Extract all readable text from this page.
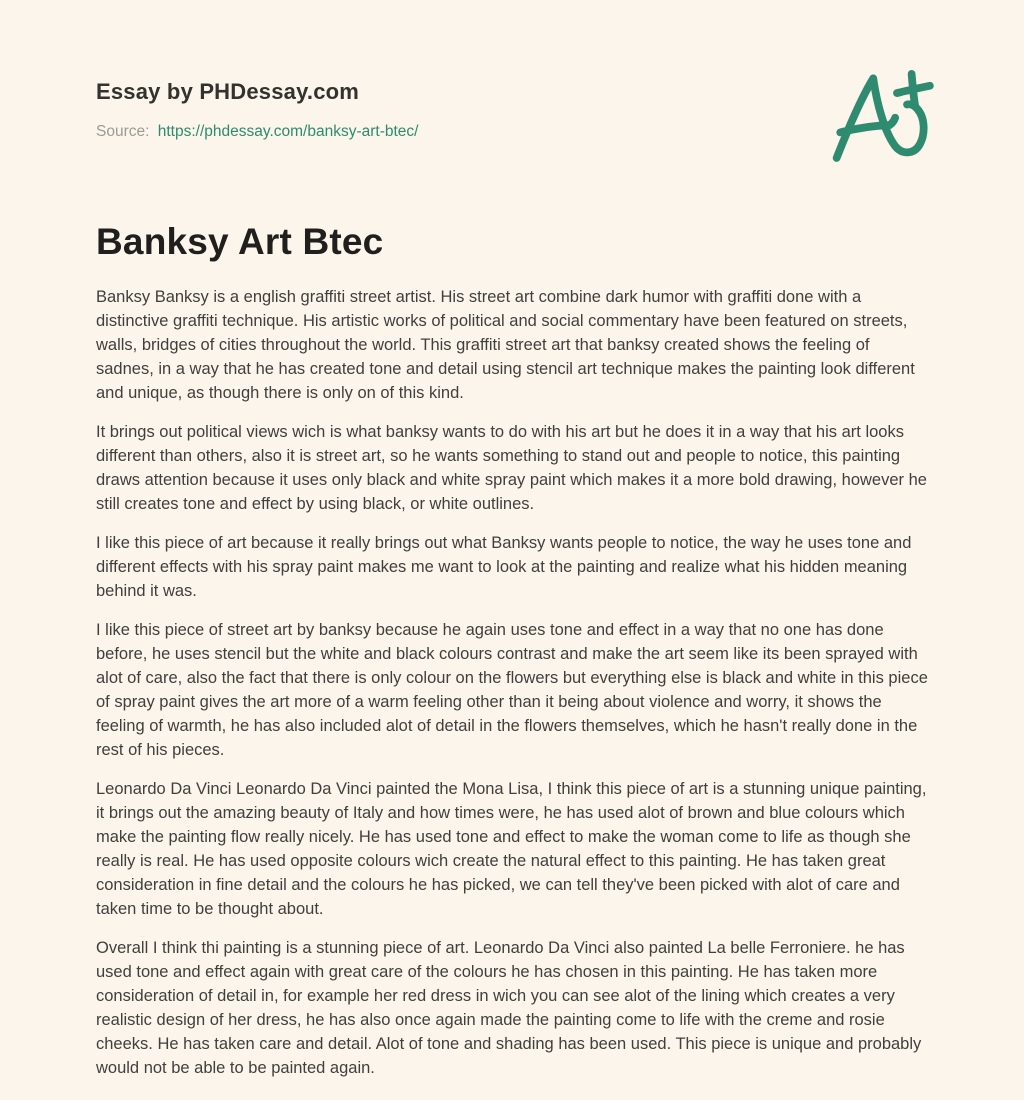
Essay by PHDessay.com

Source: https://phdessay.com/banksy-art-btec/

Banksy Art Btec

Banksy Banksy is a english graffiti street artist. His street art combine dark humor with graffiti done with a distinctive graffiti technique. His artistic works of political and social commentary have been featured on streets, walls, bridges of cities throughout the world. This graffiti street art that banksy created shows the feeling of sadnes, in a way that he has created tone and detail using stencil art technique makes the painting look different and unique, as though there is only on of this kind.

It brings out political views wich is what banksy wants to do with his art but he does it in a way that his art looks different than others, also it is street art, so he wants something to stand out and people to notice, this painting draws attention because it uses only black and white spray paint which makes it a more bold drawing, however he still creates tone and effect by using black, or white outlines.

I like this piece of art because it really brings out what Banksy wants people to notice, the way he uses tone and different effects with his spray paint makes me want to look at the painting and realize what his hidden meaning behind it was.

I like this piece of street art by banksy because he again uses tone and effect in a way that no one has done before, he uses stencil but the white and black colours contrast and make the art seem like its been sprayed with alot of care, also the fact that there is only colour on the flowers but everything else is black and white in this piece of spray paint gives the art more of a warm feeling other than it being about violence and worry, it shows the feeling of warmth, he has also included alot of detail in the flowers themselves, which he hasn't really done in the rest of his pieces.

Leonardo Da Vinci Leonardo Da Vinci painted the Mona Lisa, I think this piece of art is a stunning unique painting, it brings out the amazing beauty of Italy and how times were, he has used alot of brown and blue colours which make the painting flow really nicely. He has used tone and effect to make the woman come to life as though she really is real. He has used opposite colours wich create the natural effect to this painting. He has taken great consideration in fine detail and the colours he has picked, we can tell they've been picked with alot of care and taken time to be thought about.

Overall I think thi painting is a stunning piece of art. Leonardo Da Vinci also painted La belle Ferroniere. he has used tone and effect again with great care of the colours he has chosen in this painting. He has taken more consideration of detail in, for example her red dress in wich you can see alot of the lining which creates a very realistic design of her dress, he has also once again made the painting come to life with the creme and rosie cheeks. He has taken care and detail. Alot of tone and shading has been used. This piece is unique and probably would not be able to be painted again.
